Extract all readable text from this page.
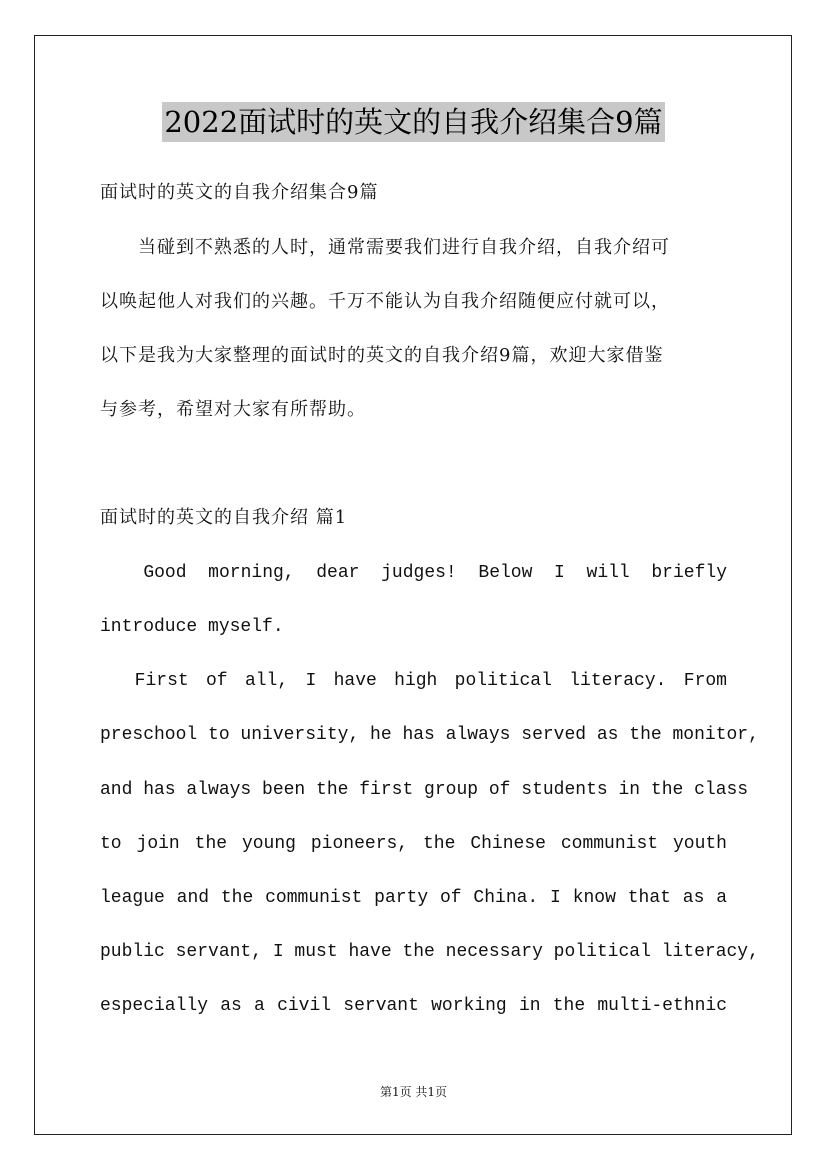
2022面试时的英文的自我介绍集合9篇
面试时的英文的自我介绍集合9篇
　　当碰到不熟悉的人时，通常需要我们进行自我介绍，自我介绍可
以唤起他人对我们的兴趣。千万不能认为自我介绍随便应付就可以，
以下是我为大家整理的面试时的英文的自我介绍9篇，欢迎大家借鉴
与参考，希望对大家有所帮助。
面试时的英文的自我介绍 篇1
Good morning, dear judges! Below I will briefly
introduce myself.
First of all, I have high political literacy. From
preschool to university, he has always served as the monitor,
and has always been the first group of students in the class
to join the young pioneers, the Chinese communist youth
league and the communist party of China. I know that as a
public servant, I must have the necessary political literacy,
especially as a civil servant working in the multi-ethnic
第1页 共1页
